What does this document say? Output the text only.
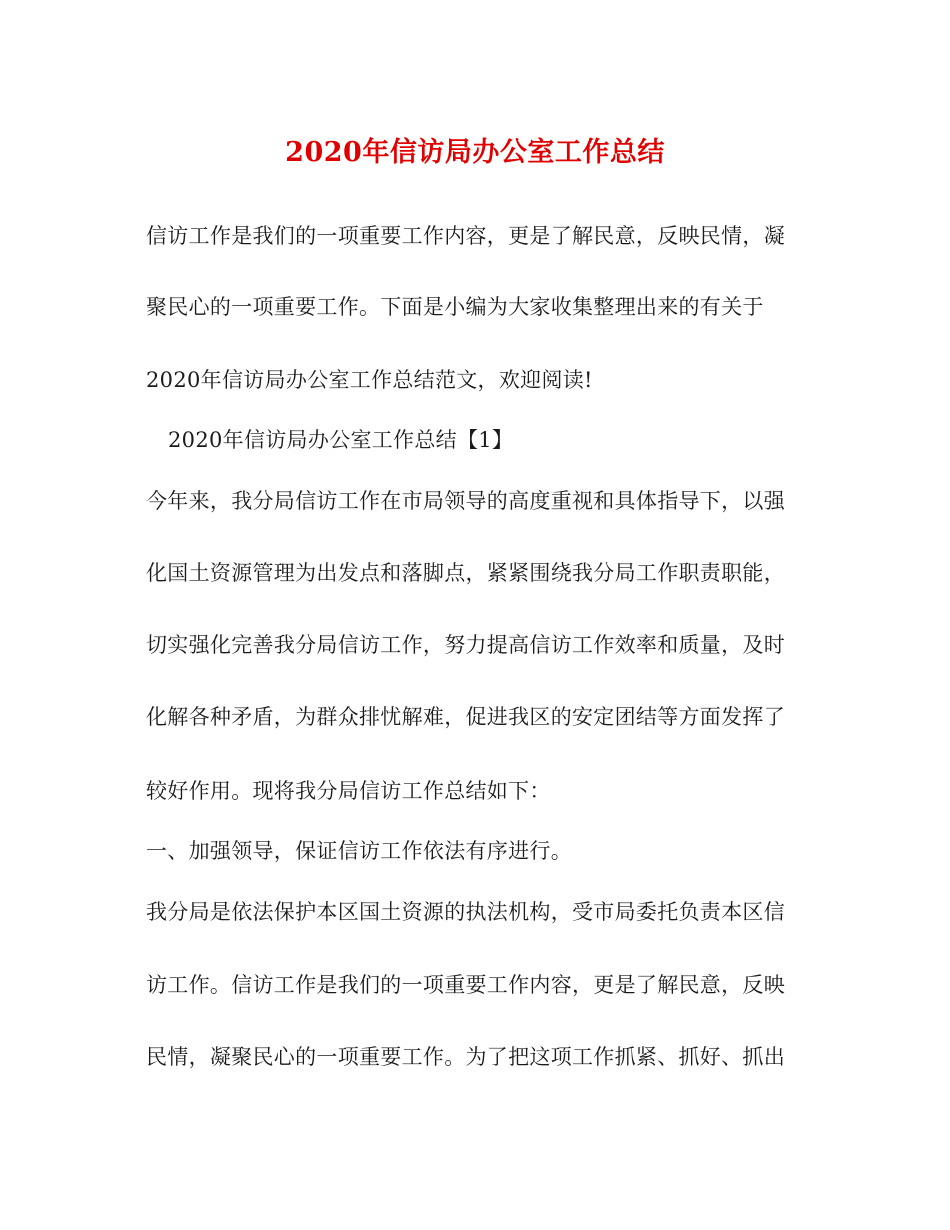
2020年信访局办公室工作总结
信访工作是我们的一项重要工作内容，更是了解民意，反映民情，凝
聚民心的一项重要工作。下面是小编为大家收集整理出来的有关于
2020年信访局办公室工作总结范文，欢迎阅读!
2020年信访局办公室工作总结【1】
今年来，我分局信访工作在市局领导的高度重视和具体指导下，以强
化国土资源管理为出发点和落脚点，紧紧围绕我分局工作职责职能，
切实强化完善我分局信访工作，努力提高信访工作效率和质量，及时
化解各种矛盾，为群众排忧解难，促进我区的安定团结等方面发挥了
较好作用。现将我分局信访工作总结如下：
一、加强领导，保证信访工作依法有序进行。
我分局是依法保护本区国土资源的执法机构，受市局委托负责本区信
访工作。信访工作是我们的一项重要工作内容，更是了解民意，反映
民情，凝聚民心的一项重要工作。为了把这项工作抓紧、抓好、抓出
